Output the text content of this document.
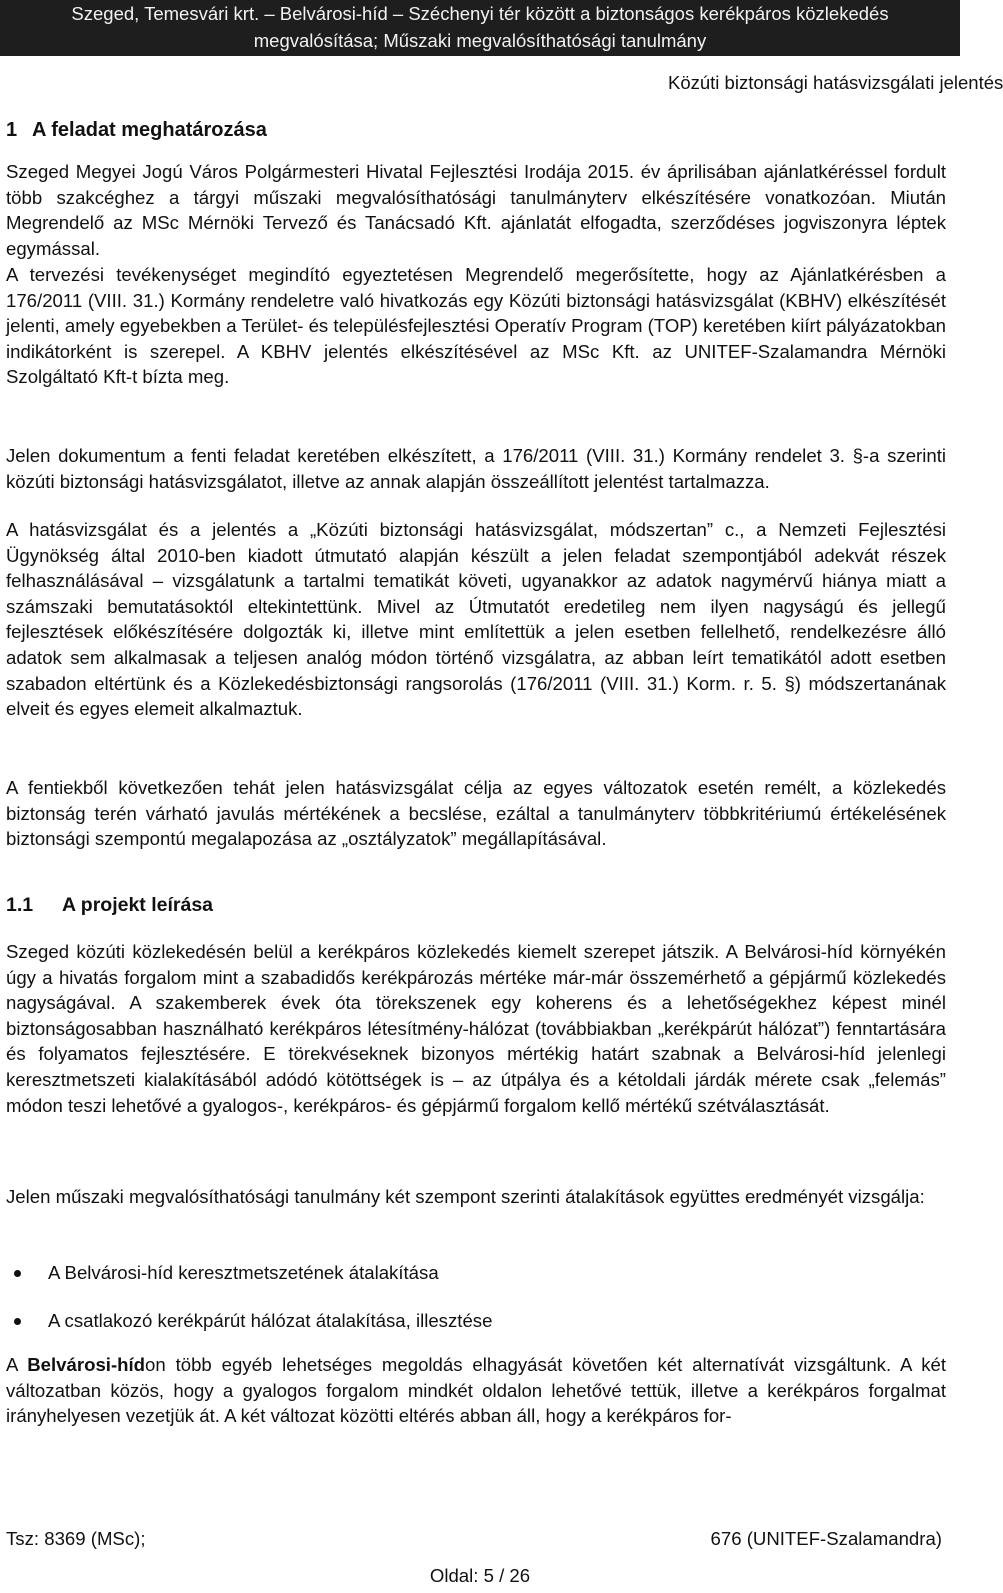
Szeged, Temesvári krt. – Belvárosi-híd – Széchenyi tér között a biztonságos kerékpáros közlekedés
megvalósítása; Műszaki megvalósíthatósági tanulmány
Közúti biztonsági hatásvizsgálati jelentés
1 A feladat meghatározása

Szeged Megyei Jogú Város Polgármesteri Hivatal Fejlesztési Irodája 2015. év áprilisában ajánlatkéréssel fordult több szakcéghez a tárgyi műszaki megvalósíthatósági tanulmányterv elkészítésére vonatkozóan. Miután Megrendelő az MSc Mérnöki Tervező és Tanácsadó Kft. ajánlatát elfogadta, szerződéses jogviszonyra léptek egymással.

A tervezési tevékenységet megindító egyeztetésen Megrendelő megerősítette, hogy az Ajánlatkérésben a 176/2011 (VIII. 31.) Kormány rendeletre való hivatkozás egy Közúti biztonsági hatásvizsgálat (KBHV) elkészítését jelenti, amely egyebekben a Terület- és településfejlesztési Operatív Program (TOP) keretében kiírt pályázatokban indikátorként is szerepel. A KBHV jelentés elkészítésével az MSc Kft. az UNITEF-Szalamandra Mérnöki Szolgáltató Kft-t bízta meg.

Jelen dokumentum a fenti feladat keretében elkészített, a 176/2011 (VIII. 31.) Kormány rendelet 3. §-a szerinti közúti biztonsági hatásvizsgálatot, illetve az annak alapján összeállított jelentést tartalmazza.

A hatásvizsgálat és a jelentés a „Közúti biztonsági hatásvizsgálat, módszertan” c., a Nemzeti Fejlesztési Ügynökség által 2010-ben kiadott útmutató alapján készült a jelen feladat szempontjából adekvát részek felhasználásával – vizsgálatunk a tartalmi tematikát követi, ugyanakkor az adatok nagymérvű hiánya miatt a számszaki bemutatásoktól eltekintettünk. Mivel az Útmutatót eredetileg nem ilyen nagyságú és jellegű fejlesztések előkészítésére dolgozták ki, illetve mint említettük a jelen esetben fellelhető, rendelkezésre álló adatok sem alkalmasak a teljesen analóg módon történő vizsgálatra, az abban leírt tematikától adott esetben szabadon eltértünk és a Közlekedésbiztonsági rangsorolás (176/2011 (VIII. 31.) Korm. r. 5. §) módszertanának elveit és egyes elemeit alkalmaztuk.

A fentiekből következően tehát jelen hatásvizsgálat célja az egyes változatok esetén remélt, a közlekedés biztonság terén várható javulás mértékének a becslése, ezáltal a tanulmányterv többkritériumú értékelésének biztonsági szempontú megalapozása az „osztályzatok” megállapításával.

1.1 A projekt leírása

Szeged közúti közlekedésén belül a kerékpáros közlekedés kiemelt szerepet játszik. A Belvárosi-híd környékén úgy a hivatás forgalom mint a szabadidős kerékpározás mértéke már-már összemérhető a gépjármű közlekedés nagyságával. A szakemberek évek óta törekszenek egy koherens és a lehetőségekhez képest minél biztonságosabban használható kerékpáros létesítmény-hálózat (továbbiakban „kerékpárút hálózat”) fenntartására és folyamatos fejlesztésére. E törekvéseknek bizonyos mértékig határt szabnak a Belvárosi-híd jelenlegi keresztmetszeti kialakításából adódó kötöttségek is – az útpálya és a kétoldali járdák mérete csak „felemás” módon teszi lehetővé a gyalogos-, kerékpáros- és gépjármű forgalom kellő mértékű szétválasztását.

Jelen műszaki megvalósíthatósági tanulmány két szempont szerinti átalakítások együttes eredményét vizsgálja:

A Belvárosi-híd keresztmetszetének átalakítása
A csatlakozó kerékpárút hálózat átalakítása, illesztése

A Belvárosi-hídon több egyéb lehetséges megoldás elhagyását követően két alternatívát vizsgáltunk. A két változatban közös, hogy a gyalogos forgalom mindkét oldalon lehetővé tettük, illetve a kerékpáros forgalmat irányhelyesen vezetjük át. A két változat közötti eltérés abban áll, hogy a kerékpáros for-

Tsz: 8369 (MSc);	676 (UNITEF-Szalamandra)
Oldal: 5 / 26
